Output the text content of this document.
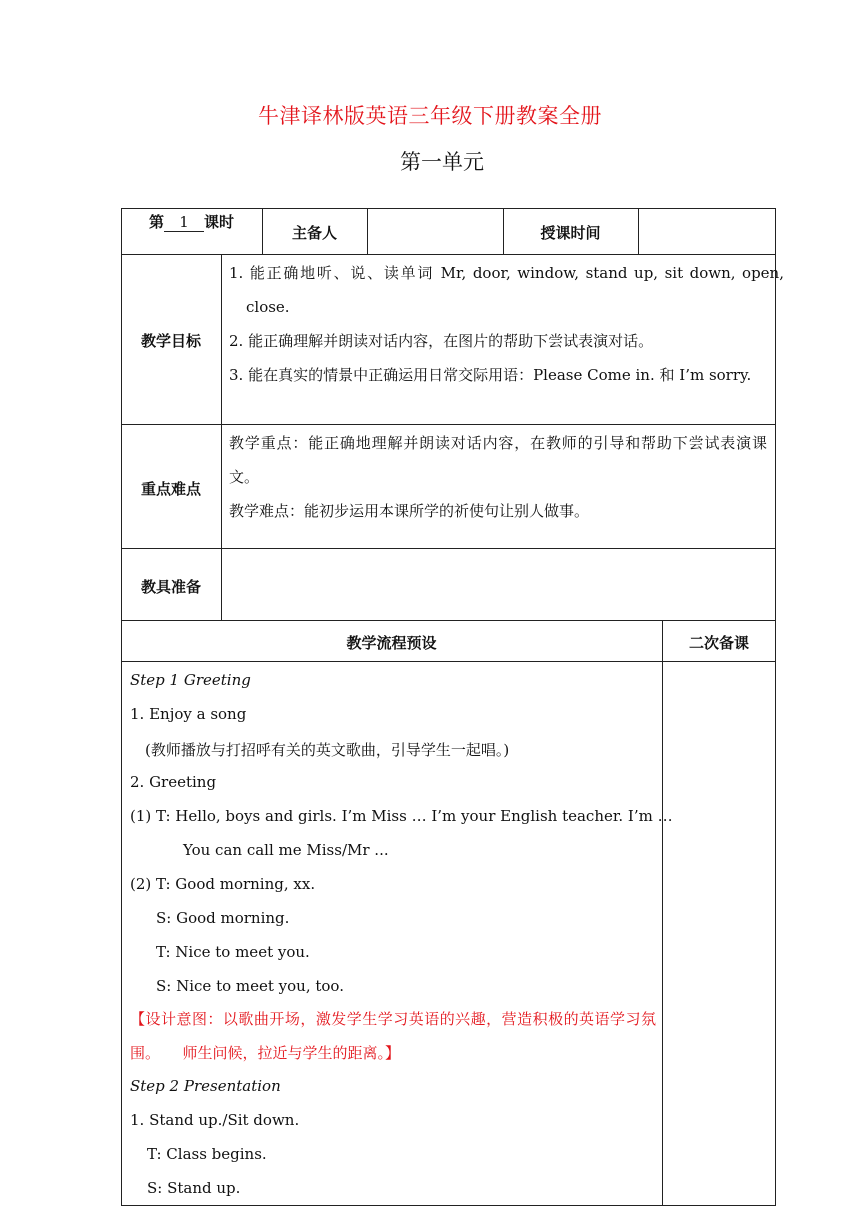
牛津译林版英语三年级下册教案全册
第一单元
第 1 课时
主备人	授课时间
教学目标
1. 能正确地听、说、读单词 Mr, door, window, stand up, sit down, open, close.
2. 能正确理解并朗读对话内容，在图片的帮助下尝试表演对话。
3. 能在真实的情景中正确运用日常交际用语：Please Come in. 和 I’m sorry.
重点难点
教学重点：能正确地理解并朗读对话内容，在教师的引导和帮助下尝试表演课文。
教学难点：能初步运用本课所学的祈使句让别人做事。
教具准备
教学流程预设	二次备课
Step 1 Greeting
1. Enjoy a song
(教师播放与打招呼有关的英文歌曲，引导学生一起唱。)
2. Greeting
(1) T: Hello, boys and girls. I’m Miss … I’m your English teacher. I’m …
You can call me Miss/Mr ...
(2) T: Good morning, xx.
S: Good morning.
T: Nice to meet you.
S: Nice to meet you, too.
【设计意图：以歌曲开场，激发学生学习英语的兴趣，营造积极的英语学习氛围。　　师生问候，拉近与学生的距离。】
Step 2 Presentation
1. Stand up./Sit down.
T: Class begins.
S: Stand up.
